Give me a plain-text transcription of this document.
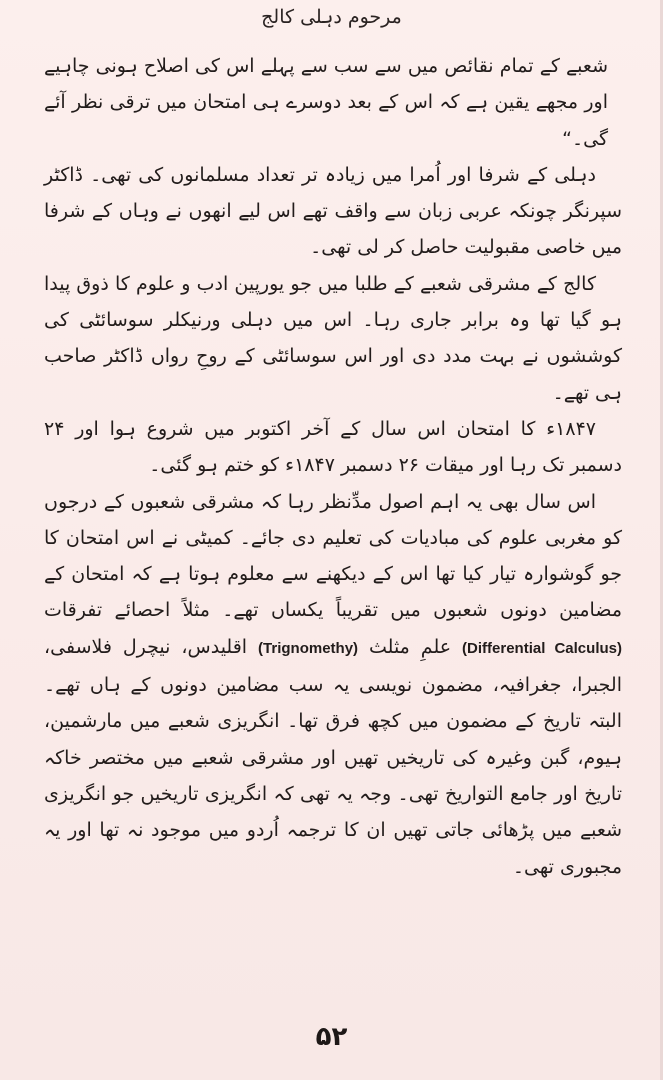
مرحوم دہلی کالج

شعبے کے تمام نقائص میں سے سب سے پہلے اس کی اصلاح ہونی چاہیے اور مجھے یقین ہے کہ اس کے بعد دوسرے ہی امتحان میں ترقی نظر آئے گی۔“

دہلی کے شرفا اور اُمرا میں زیادہ تر تعداد مسلمانوں کی تھی۔ ڈاکٹر سپرنگر چونکہ عربی زبان سے واقف تھے اس لیے انھوں نے وہاں کے شرفا میں خاصی مقبولیت حاصل کر لی تھی۔

کالج کے مشرقی شعبے کے طلبا میں جو یورپین ادب و علوم کا ذوق پیدا ہو گیا تھا وہ برابر جاری رہا۔ اس میں دہلی ورنیکلر سوسائٹی کی کوششوں نے بہت مدد دی اور اس سوسائٹی کے روحِ رواں ڈاکٹر صاحب ہی تھے۔

۱۸۴۷ء کا امتحان اس سال کے آخر اکتوبر میں شروع ہوا اور ۲۴ دسمبر تک رہا اور میقات ۲۶ دسمبر ۱۸۴۷ء کو ختم ہو گئی۔

اس سال بھی یہ اہم اصول مدِّنظر رہا کہ مشرقی شعبوں کے درجوں کو مغربی علوم کی مبادیات کی تعلیم دی جائے۔ کمیٹی نے اس امتحان کا جو گوشوارہ تیار کیا تھا اس کے دیکھنے سے معلوم ہوتا ہے کہ امتحان کے مضامین دونوں شعبوں میں تقریباً یکساں تھے۔ مثلاً احصائے تفرقات (Differential Calculus) علمِ مثلث (Trignomethy) اقلیدس، نیچرل فلاسفی، الجبرا، جغرافیہ، مضمون نویسی یہ سب مضامین دونوں کے ہاں تھے۔ البتہ تاریخ کے مضمون میں کچھ فرق تھا۔ انگریزی شعبے میں مارشمین، ہیوم، گبن وغیرہ کی تاریخیں تھیں اور مشرقی شعبے میں مختصر خاکہ تاریخ اور جامع التواریخ تھی۔ وجہ یہ تھی کہ انگریزی تاریخیں جو انگریزی شعبے میں پڑھائی جاتی تھیں ان کا ترجمہ اُردو میں موجود نہ تھا اور یہ مجبوری تھی۔

۵۲
